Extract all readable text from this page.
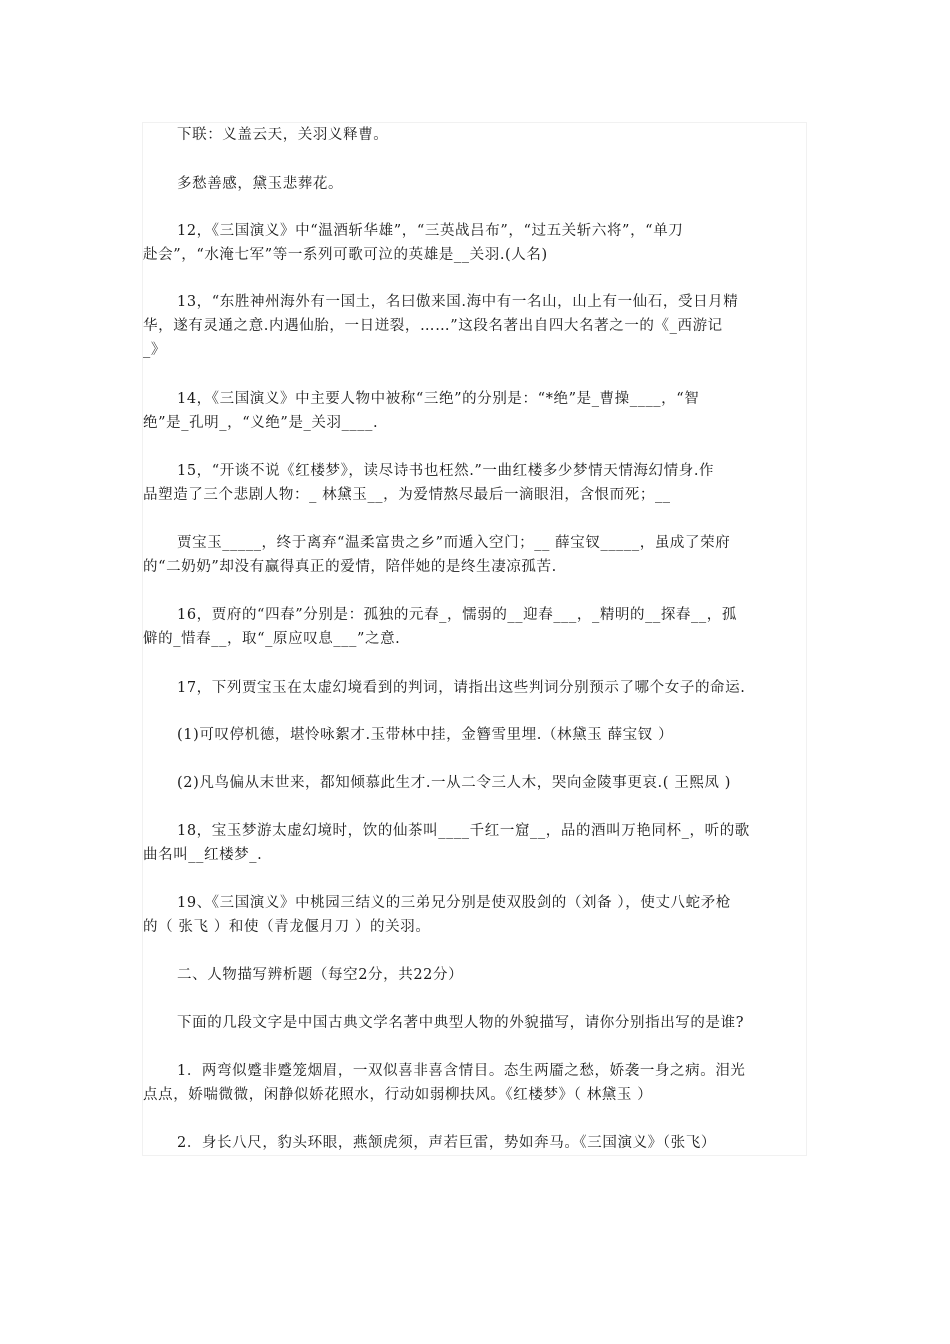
下联：义盖云天，关羽义释曹。
多愁善感，黛玉悲葬花。
12，《三国演义》中“温酒斩华雄”，“三英战吕布”，“过五关斩六将”，“单刀
赴会”，“水淹七军”等一系列可歌可泣的英雄是__关羽.(人名)
13，“东胜神州海外有一国土，名曰傲来国.海中有一名山，山上有一仙石，受日月精
华，遂有灵通之意.内遇仙胎，一日迸裂，……”这段名著出自四大名著之一的《_西游记
_》
14，《三国演义》中主要人物中被称“三绝”的分别是：“*绝”是_曹操____，“智
绝”是_孔明_，“义绝”是_关羽____.
15，“开谈不说《红楼梦》，读尽诗书也枉然.”一曲红楼多少梦情天情海幻情身.作
品塑造了三个悲剧人物：_ 林黛玉__，为爱情熬尽最后一滴眼泪，含恨而死；__
贾宝玉_____，终于离弃“温柔富贵之乡”而遁入空门；__ 薛宝钗_____，虽成了荣府
的“二奶奶”却没有赢得真正的爱情，陪伴她的是终生凄凉孤苦.
16，贾府的“四春”分别是：孤独的元春_，懦弱的__迎春___，_精明的__探春__，孤
僻的_惜春__，取“_原应叹息___”之意.
17，下列贾宝玉在太虚幻境看到的判词，请指出这些判词分别预示了哪个女子的命运.
(1)可叹停机德，堪怜咏絮才.玉带林中挂，金簪雪里埋.（林黛玉 薛宝钗 ）
(2)凡鸟偏从末世来，都知倾慕此生才.一从二令三人木，哭向金陵事更哀.( 王熙凤 )
18，宝玉梦游太虚幻境时，饮的仙茶叫____千红一窟__，品的酒叫万艳同杯_，听的歌
曲名叫__红楼梦_.
19、《三国演义》中桃园三结义的三弟兄分别是使双股剑的（刘备 ），使丈八蛇矛枪
的（ 张飞 ）和使（青龙偃月刀 ）的关羽。
二、人物描写辨析题（每空2分，共22分）
下面的几段文字是中国古典文学名著中典型人物的外貌描写，请你分别指出写的是谁?
1．两弯似蹙非蹙笼烟眉，一双似喜非喜含情目。态生两靥之愁，娇袭一身之病。泪光
点点，娇喘微微，闲静似娇花照水，行动如弱柳扶风。《红楼梦》（ 林黛玉 ）
2．身长八尺，豹头环眼，燕颔虎须，声若巨雷，势如奔马。《三国演义》（张飞）
